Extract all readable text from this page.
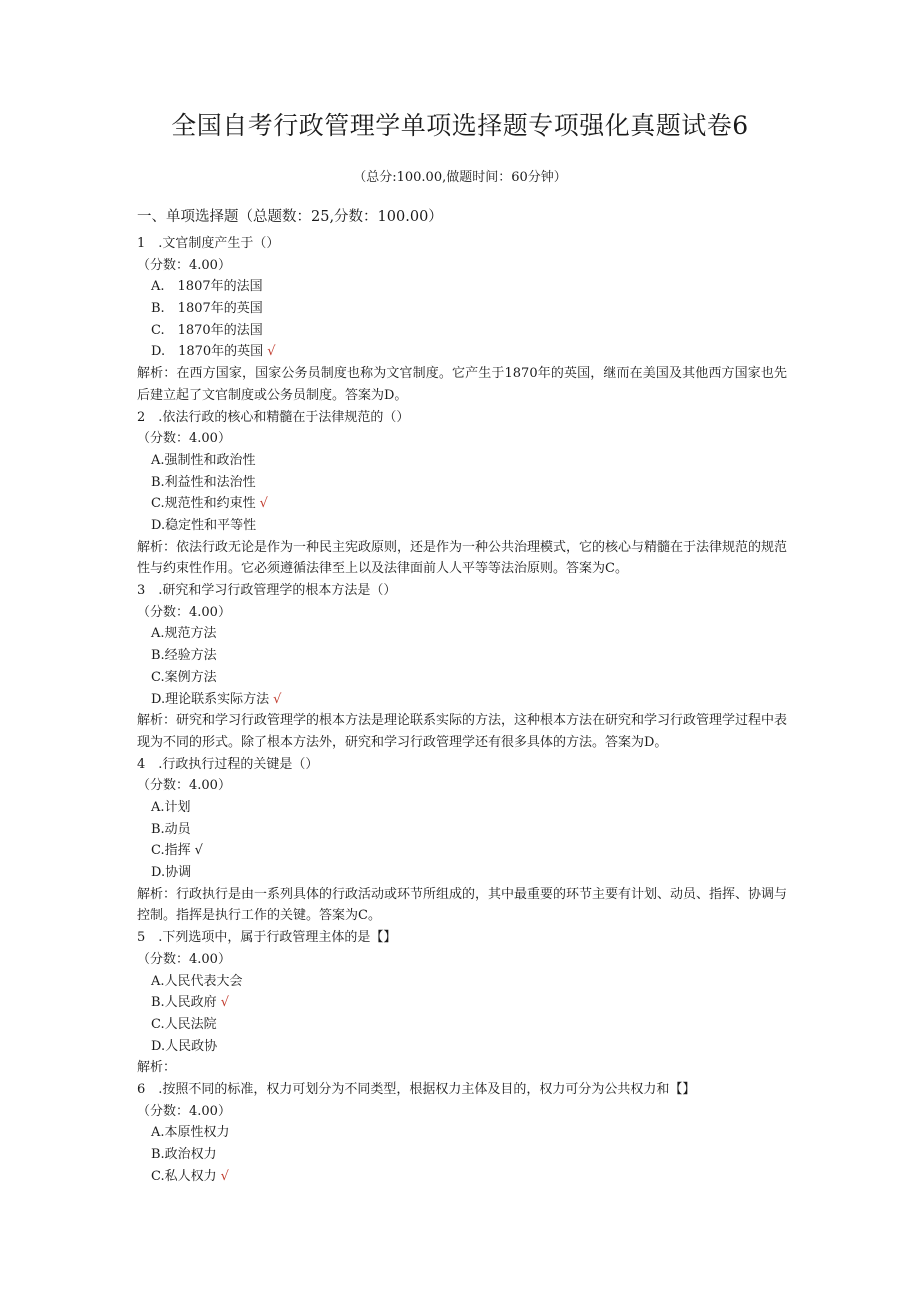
全国自考行政管理学单项选择题专项强化真题试卷6
（总分:100.00,做题时间：60分钟）
一、单项选择题（总题数：25,分数：100.00）
1　.文官制度产生于（）
（分数：4.00）
A.　1807年的法国
B.　1807年的英国
C.　1870年的法国
D.　1870年的英国 √
解析：在西方国家，国家公务员制度也称为文官制度。它产生于1870年的英国，继而在美国及其他西方国家也先后建立起了文官制度或公务员制度。答案为D。
2　.依法行政的核心和精髓在于法律规范的（）
（分数：4.00）
A.强制性和政治性
B.利益性和法治性
C.规范性和约束性 √
D.稳定性和平等性
解析：依法行政无论是作为一种民主宪政原则，还是作为一种公共治理模式，它的核心与精髓在于法律规范的规范性与约束性作用。它必须遵循法律至上以及法律面前人人平等等法治原则。答案为C。
3　.研究和学习行政管理学的根本方法是（）
（分数：4.00）
A.规范方法
B.经验方法
C.案例方法
D.理论联系实际方法 √
解析：研究和学习行政管理学的根本方法是理论联系实际的方法，这种根本方法在研究和学习行政管理学过程中表现为不同的形式。除了根本方法外，研究和学习行政管理学还有很多具体的方法。答案为D。
4　.行政执行过程的关键是（）
（分数：4.00）
A.计划
B.动员
C.指挥 √
D.协调
解析：行政执行是由一系列具体的行政活动或环节所组成的，其中最重要的环节主要有计划、动员、指挥、协调与控制。指挥是执行工作的关键。答案为C。
5　.下列选项中，属于行政管理主体的是【】
（分数：4.00）
A.人民代表大会
B.人民政府 √
C.人民法院
D.人民政协
解析：
6　.按照不同的标准，权力可划分为不同类型，根据权力主体及目的，权力可分为公共权力和【】
（分数：4.00）
A.本原性权力
B.政治权力
C.私人权力 √
